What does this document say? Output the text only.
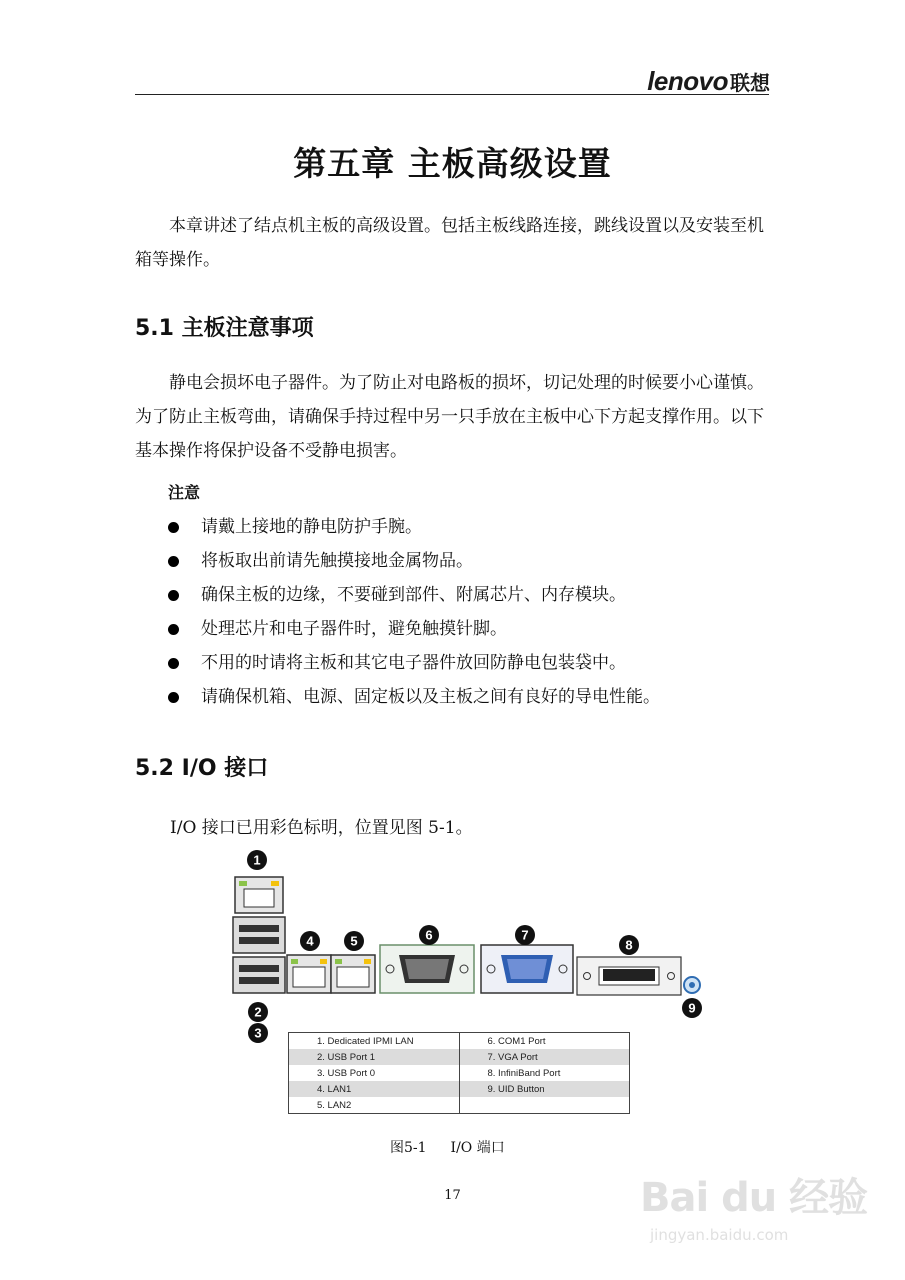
lenovo 联想
第五章 主板高级设置

本章讲述了结点机主板的高级设置。包括主板线路连接，跳线设置以及安装至机箱等操作。

5.1 主板注意事项

静电会损坏电子器件。为了防止对电路板的损坏，切记处理的时候要小心谨慎。为了防止主板弯曲，请确保手持过程中另一只手放在主板中心下方起支撑作用。以下基本操作将保护设备不受静电损害。

注意
请戴上接地的静电防护手腕。
将板取出前请先触摸接地金属物品。
确保主板的边缘，不要碰到部件、附属芯片、内存模块。
处理芯片和电子器件时，避免触摸针脚。
不用的时请将主板和其它电子器件放回防静电包装袋中。
请确保机箱、电源、固定板以及主板之间有良好的导电性能。
5.2 I/O 接口

I/O 接口已用彩色标明，位置见图 5-1。

1
2
3
4	5	6	7
8
9
1. Dedicated IPMI LAN	6. COM1 Port
2. USB Port 1	7. VGA Port
3. USB Port 0	8. InfiniBand Port
4. LAN1	9. UID Button
5. LAN2	
图5-1 I/O 端口
17	Bai du 经验
jingyan.baidu.com
